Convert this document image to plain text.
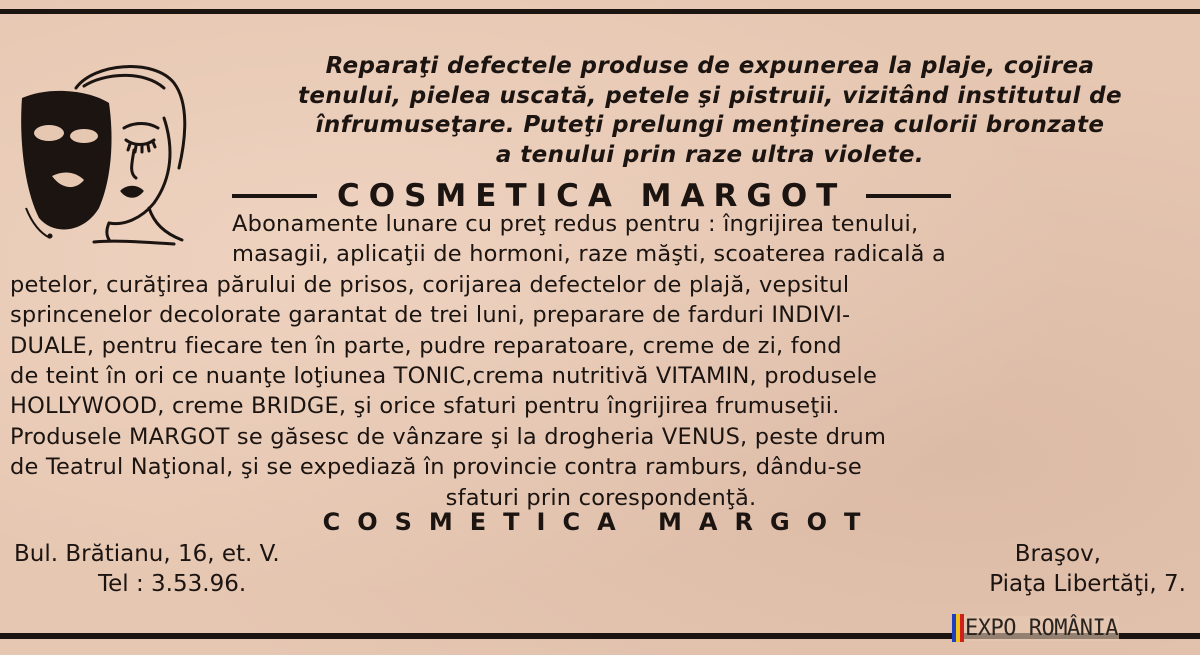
Reparaţi defectele produse de expunerea la plaje, cojirea
tenului, pielea uscată, petele şi pistruii, vizitând institutul de
înfrumuseţare. Puteţi prelungi menţinerea culorii bronzate
a tenului prin raze ultra violete.
COSMETICA MARGOT
Abonamente lunare cu preţ redus pentru : îngrijirea tenului,
masagii, aplicaţii de hormoni, raze măşti, scoaterea radicală a
petelor, curăţirea părului de prisos, corijarea defectelor de plajă, vepsitul
sprincenelor decolorate garantat de trei luni, preparare de farduri INDIVI-
DUALE, pentru fiecare ten în parte, pudre reparatoare, creme de zi, fond
de teint în ori ce nuanţe loţiunea TONIC,crema nutritivă VITAMIN, produsele
HOLLYWOOD, creme BRIDGE, şi orice sfaturi pentru îngrijirea frumuseţii.
Produsele MARGOT se găsesc de vânzare şi la drogheria VENUS, peste drum
de Teatrul Naţional, şi se expediază în provincie contra ramburs, dându-se
sfaturi prin corespondenţă.
COSMETICA MARGOT
Bul. Brătianu, 16, et. V.
Tel : 3.53.96.
Braşov,
Piaţa Libertăţi, 7.
EXPO ROMÂNIA
